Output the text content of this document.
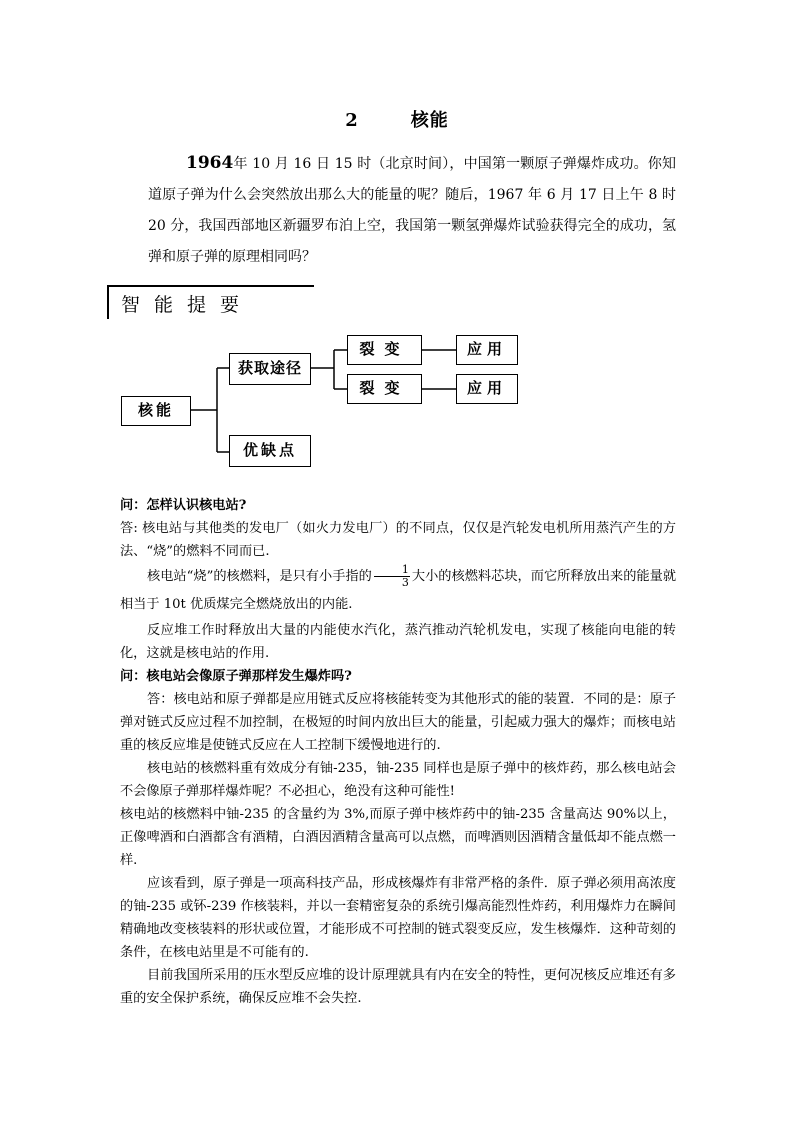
2	核能

1964年 10 月 16 日 15 时（北京时间），中国第一颗原子弹爆炸成功。你知道原子弹为什么会突然放出那么大的能量的呢？随后，1967 年 6 月 17 日上午 8 时 20 分，我国西部地区新疆罗布泊上空，我国第一颗氢弹爆炸试验获得完全的成功，氢弹和原子弹的原理相同吗？

智能提要
核能
获取途径
优缺点
裂变
裂变
应用
应用

问：怎样认识核电站?

答: 核电站与其他类的发电厂（如火力发电厂）的不同点，仅仅是汽轮发电机所用蒸汽产生的方法、“烧”的燃料不同而已.

核电站“烧”的核燃料，是只有小手指的 $\frac{1}{3}$ 大小的核燃料芯块，而它所释放出来的能量就相当于 10t 优质煤完全燃烧放出的内能.

反应堆工作时释放出大量的内能使水汽化，蒸汽推动汽轮机发电，实现了核能向电能的转化，这就是核电站的作用.

问：核电站会像原子弹那样发生爆炸吗?

答：核电站和原子弹都是应用链式反应将核能转变为其他形式的能的装置．不同的是：原子弹对链式反应过程不加控制，在极短的时间内放出巨大的能量，引起威力强大的爆炸；而核电站重的核反应堆是使链式反应在人工控制下缓慢地进行的.

核电站的核燃料重有效成分有铀-235，铀-235 同样也是原子弹中的核炸药，那么核电站会不会像原子弹那样爆炸呢？不必担心，绝没有这种可能性!

核电站的核燃料中铀-235 的含量约为 3%,而原子弹中核炸药中的铀-235 含量高达 90%以上，正像啤酒和白酒都含有酒精，白酒因酒精含量高可以点燃，而啤酒则因酒精含量低却不能点燃一样.

应该看到，原子弹是一项高科技产品，形成核爆炸有非常严格的条件．原子弹必须用高浓度的铀-235 或钚-239 作核装料，并以一套精密复杂的系统引爆高能烈性炸药，利用爆炸力在瞬间精确地改变核装料的形状或位置，才能形成不可控制的链式裂变反应，发生核爆炸．这种苛刻的条件，在核电站里是不可能有的.

目前我国所采用的压水型反应堆的设计原理就具有内在安全的特性，更何况核反应堆还有多重的安全保护系统，确保反应堆不会失控.
